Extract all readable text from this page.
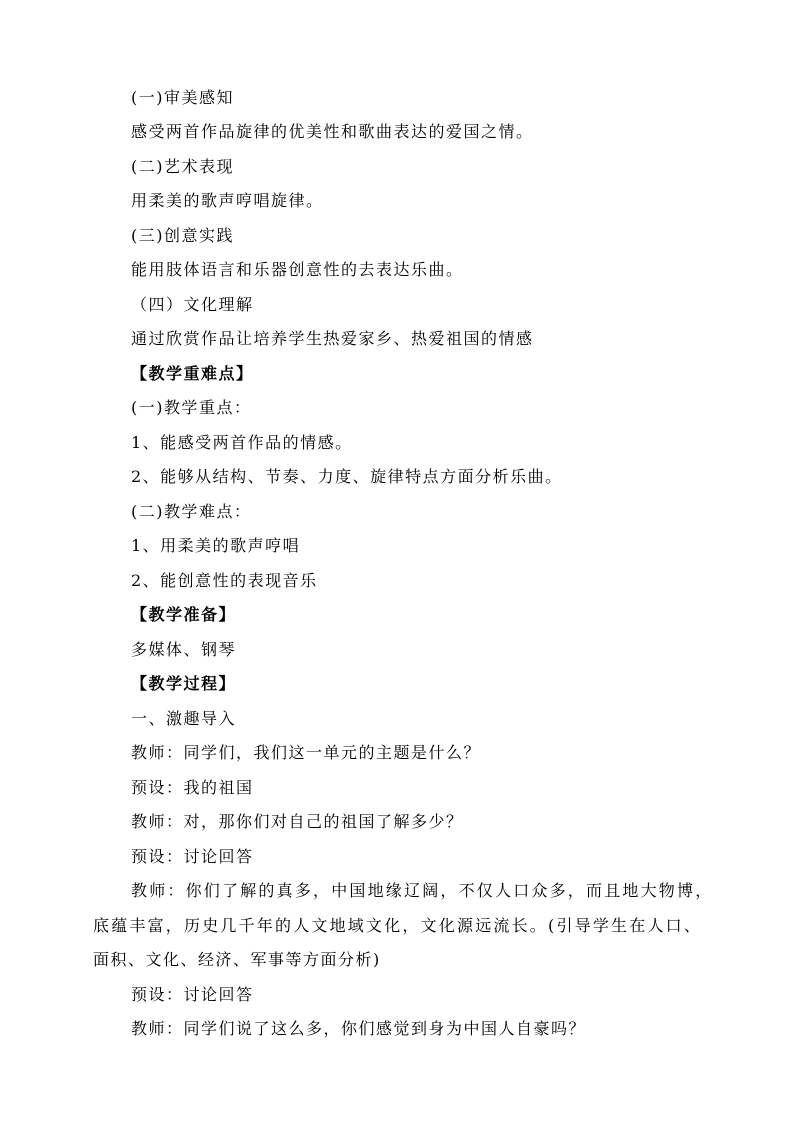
(一)审美感知
感受两首作品旋律的优美性和歌曲表达的爱国之情。
(二)艺术表现
用柔美的歌声哼唱旋律。
(三)创意实践
能用肢体语言和乐器创意性的去表达乐曲。
（四）文化理解
通过欣赏作品让培养学生热爱家乡、热爱祖国的情感
【教学重难点】
(一)教学重点：
1、能感受两首作品的情感。
2、能够从结构、节奏、力度、旋律特点方面分析乐曲。
(二)教学难点：
1、用柔美的歌声哼唱
2、能创意性的表现音乐
【教学准备】
多媒体、钢琴
【教学过程】
一、激趣导入
教师：同学们，我们这一单元的主题是什么？
预设：我的祖国
教师：对，那你们对自己的祖国了解多少？
预设：讨论回答
教师：你们了解的真多，中国地缘辽阔，不仅人口众多，而且地大物博，
底蕴丰富，历史几千年的人文地域文化，文化源远流长。(引导学生在人口、
面积、文化、经济、军事等方面分析)
预设：讨论回答
教师：同学们说了这么多，你们感觉到身为中国人自豪吗？
